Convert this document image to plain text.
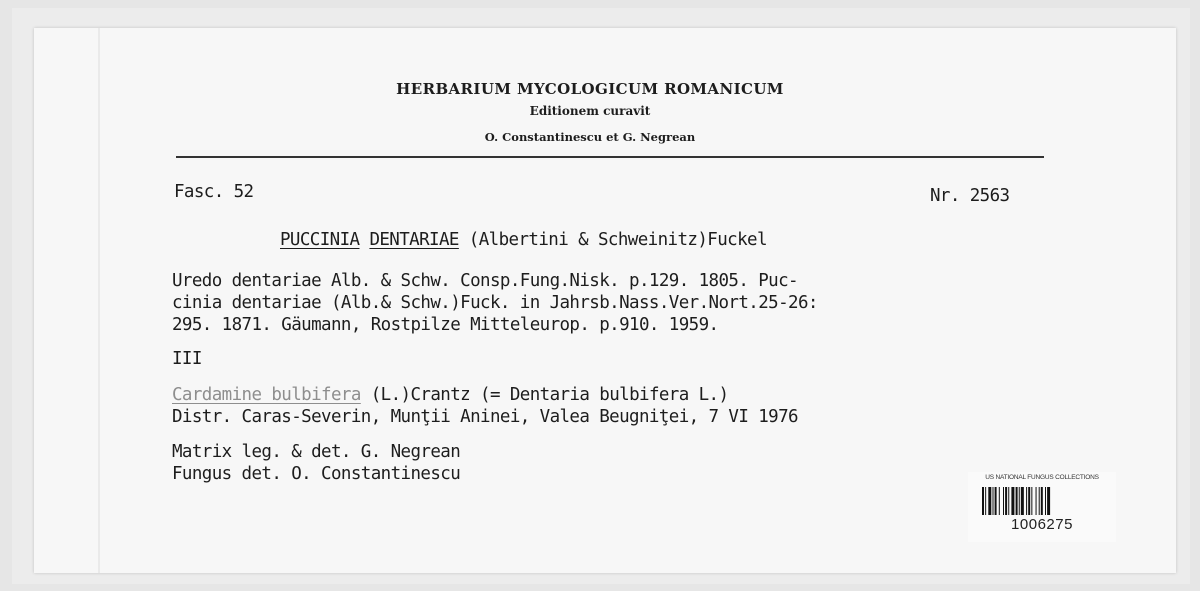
HERBARIUM MYCOLOGICUM ROMANICUM
Editionem curavit
O. Constantinescu et G. Negrean
Fasc. 52	Nr. 2563
PUCCINIA DENTARIAE (Albertini & Schweinitz)Fuckel
Uredo dentariae Alb. & Schw. Consp.Fung.Nisk. p.129. 1805. Puc-
cinia dentariae (Alb.& Schw.)Fuck. in Jahrsb.Nass.Ver.Nort.25-26:
295. 1871. Gäumann, Rostpilze Mitteleurop. p.910. 1959.
III
Cardamine bulbifera (L.)Crantz (= Dentaria bulbifera L.)
Distr. Caras-Severin, Munţii Aninei, Valea Beugniţei, 7 VI 1976
Matrix leg. & det. G. Negrean
Fungus det. O. Constantinescu	US NATIONAL FUNGUS COLLECTIONS
1006275
